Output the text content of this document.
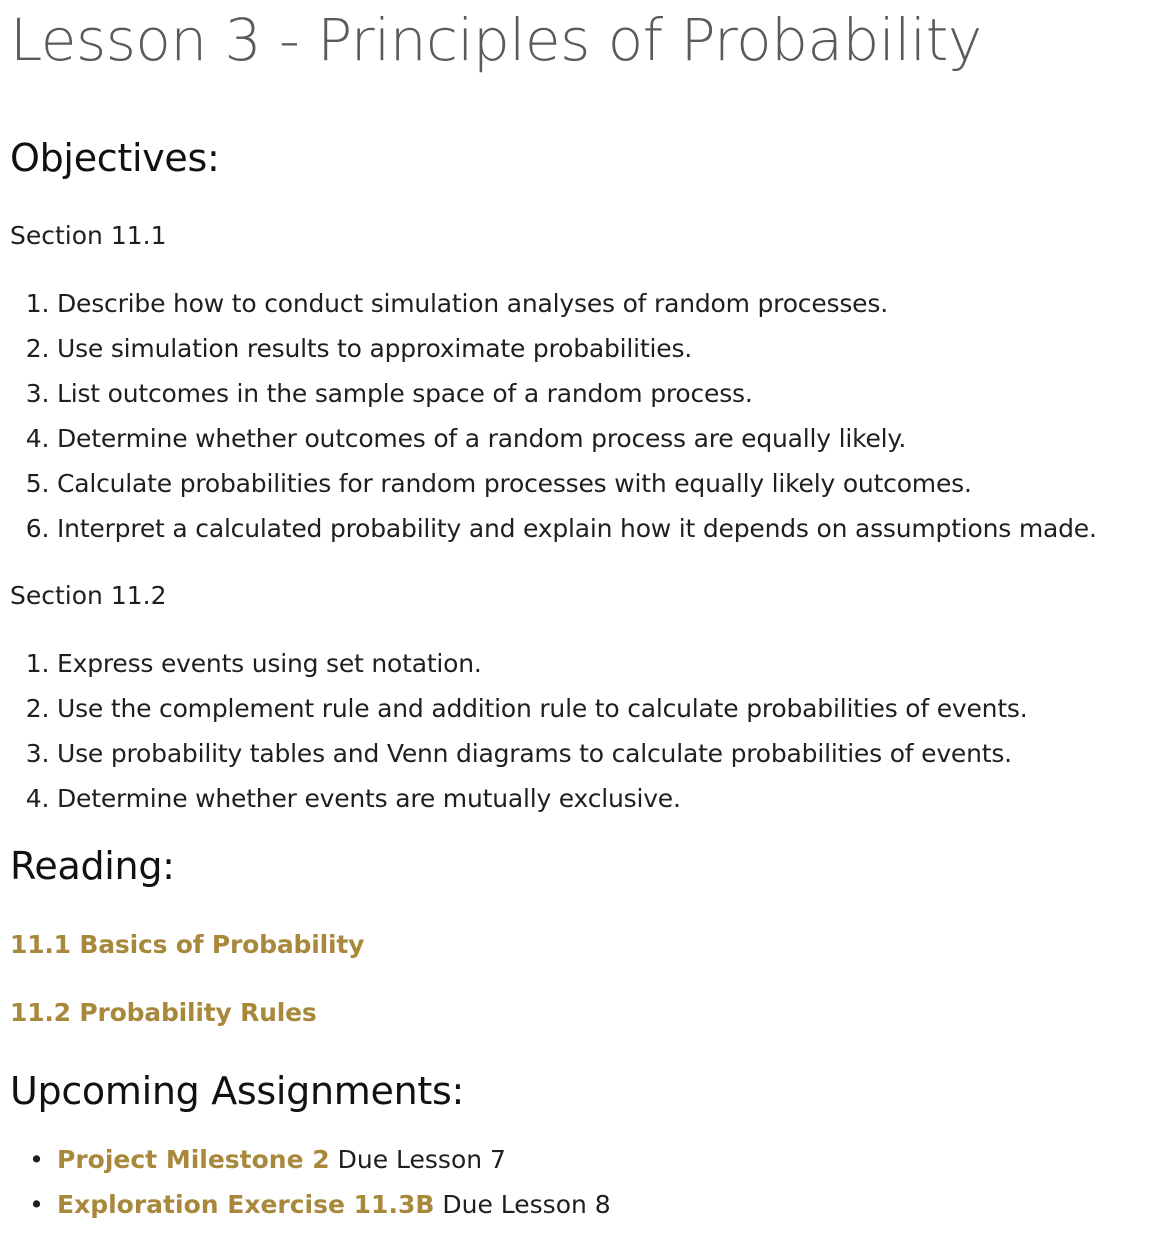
Lesson 3 - Principles of Probability
Objectives:

Section 11.1

1. Describe how to conduct simulation analyses of random processes.
2. Use simulation results to approximate probabilities.
3. List outcomes in the sample space of a random process.
4. Determine whether outcomes of a random process are equally likely.
5. Calculate probabilities for random processes with equally likely outcomes.
6. Interpret a calculated probability and explain how it depends on assumptions made.

Section 11.2

1. Express events using set notation.
2. Use the complement rule and addition rule to calculate probabilities of events.
3. Use probability tables and Venn diagrams to calculate probabilities of events.
4. Determine whether events are mutually exclusive.
Reading:
11.1 Basics of Probability
11.2 Probability Rules
Upcoming Assignments:
• Project Milestone 2 Due Lesson 7
• Exploration Exercise 11.3B Due Lesson 8
